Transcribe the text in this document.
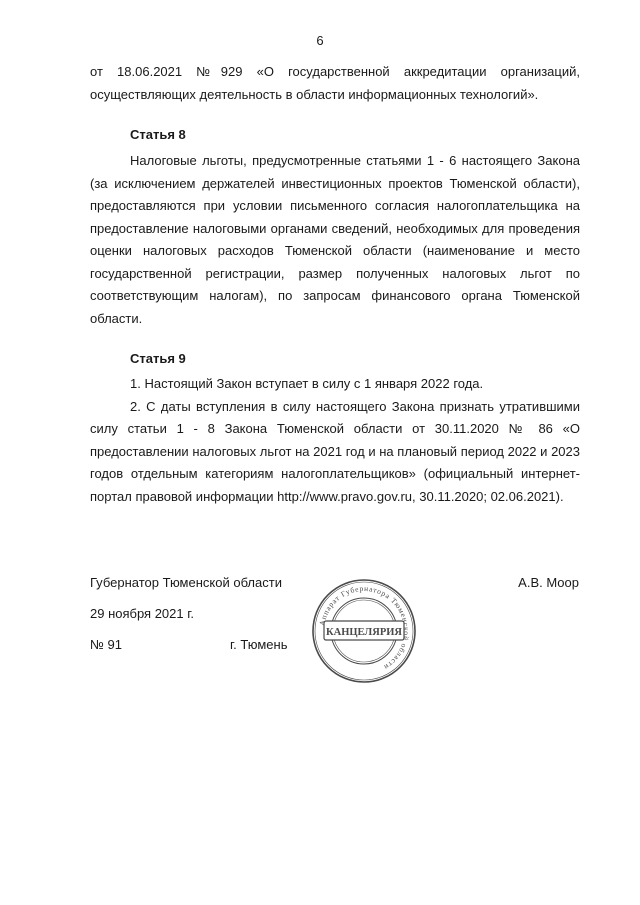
6

от 18.06.2021 №929 «О государственной аккредитации организаций, осуществляющих деятельность в области информационных технологий».

Статья 8

Налоговые льготы, предусмотренные статьями 1 - 6 настоящего Закона (за исключением держателей инвестиционных проектов Тюменской области), предоставляются при условии письменного согласия налогоплательщика на предоставление налоговыми органами сведений, необходимых для проведения оценки налоговых расходов Тюменской области (наименование и место государственной регистрации, размер полученных налоговых льгот по соответствующим налогам), по запросам финансового органа Тюменской области.

Статья 9

1. Настоящий Закон вступает в силу с 1 января 2022 года.

2. С даты вступления в силу настоящего Закона признать утратившими силу статьи 1 - 8 Закона Тюменской области от 30.11.2020 № 86 «О предоставлении налоговых льгот на 2021 год и на плановый период 2022 и 2023 годов отдельным категориям налогоплательщиков» (официальный интернет-портал правовой информации http://www.pravo.gov.ru, 30.11.2020; 02.06.2021).

Губернатор Тюменской области	А.В. Моор
29 ноября 2021 г.
№ 91	г. Тюмень
Аппарат Губернатора Тюменской области
КАНЦЕЛЯРИЯ
